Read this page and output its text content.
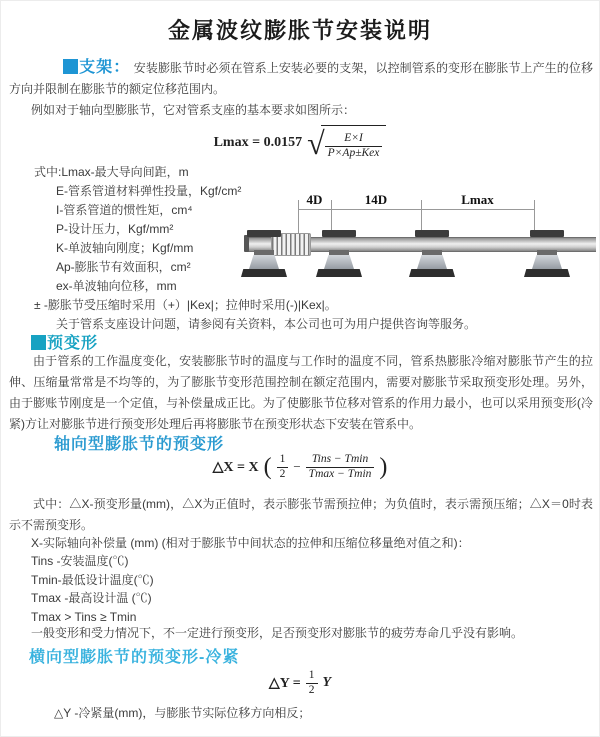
金属波纹膨胀节安装说明
支架： 安装膨胀节时必须在管系上安装必要的支架，以控制管系的变形在膨胀节上产生的位移方向并限制在膨胀节的额定位移范围内。
例如对于轴向型膨胀节，它对管系支座的基本要求如图所示：
Lmax = 0.0157 √ $\frac{E\times I}{\text{P×Ap±Kex}}$
式中:Lmax-最大导向间距，m
E-管系管道材料弹性投量，Kgf/cm²
I-管系管道的惯性矩，cm⁴
P-设计压力，Kgf/mm²
K-单波轴向刚度；Kgf/mm
Ap-膨胀节有效面积，cm²
ex-单波轴向位移，mm
± -膨胀节受压缩时采用（+）|Kex|；拉伸时采用(-)|Kex|。
关于管系支座设计问题，请参阅有关资料，本公司也可为用户提供咨询等服务。
4D	14D	Lmax
预变形
由于管系的工作温度变化，安装膨胀节时的温度与工作时的温度不同，管系热膨胀冷缩对膨胀节产生的拉伸、压缩量常常是不均等的，为了膨胀节变形范围控制在额定范围内，需要对膨胀节采取预变形处理。另外，由于膨账节刚度是一个定值，与补偿量成正比。为了使膨胀节位移对管系的作用力最小，也可以采用预变形(冷紧)方让对膨胀节进行预变形处理后再将膨胀节在预变形状态下安装在管系中。
轴向型膨胀节的预变形
△X = X ( $\frac{1}{2} - \frac{\text{Tins − Tmin}}{Tmax - Tmin}$ )
式中：△X-预变形量(mm)，△X为正值时，表示膨张节需预拉伸；为负值时，表示需预压缩；△X＝0时表示不需预变形。
X-实际轴向补偿量 (mm) (相对于膨胀节中间状态的拉伸和压缩位移量绝对值之和)：
Tins -安装温度(℃)
Tmin-最低设计温度(℃)
Tmax -最高设计温 (℃)
Tmax > Tins ≥ Tmin
一般变形和受力情况下，不一定进行预变形，足否预变形对膨胀节的疲劳寿命几乎没有影响。
横向型膨胀节的预变形-冷紧
△Y = $\frac{1}{2}$ Y
△Y -冷紧量(mm)，与膨胀节实际位移方向相反；
